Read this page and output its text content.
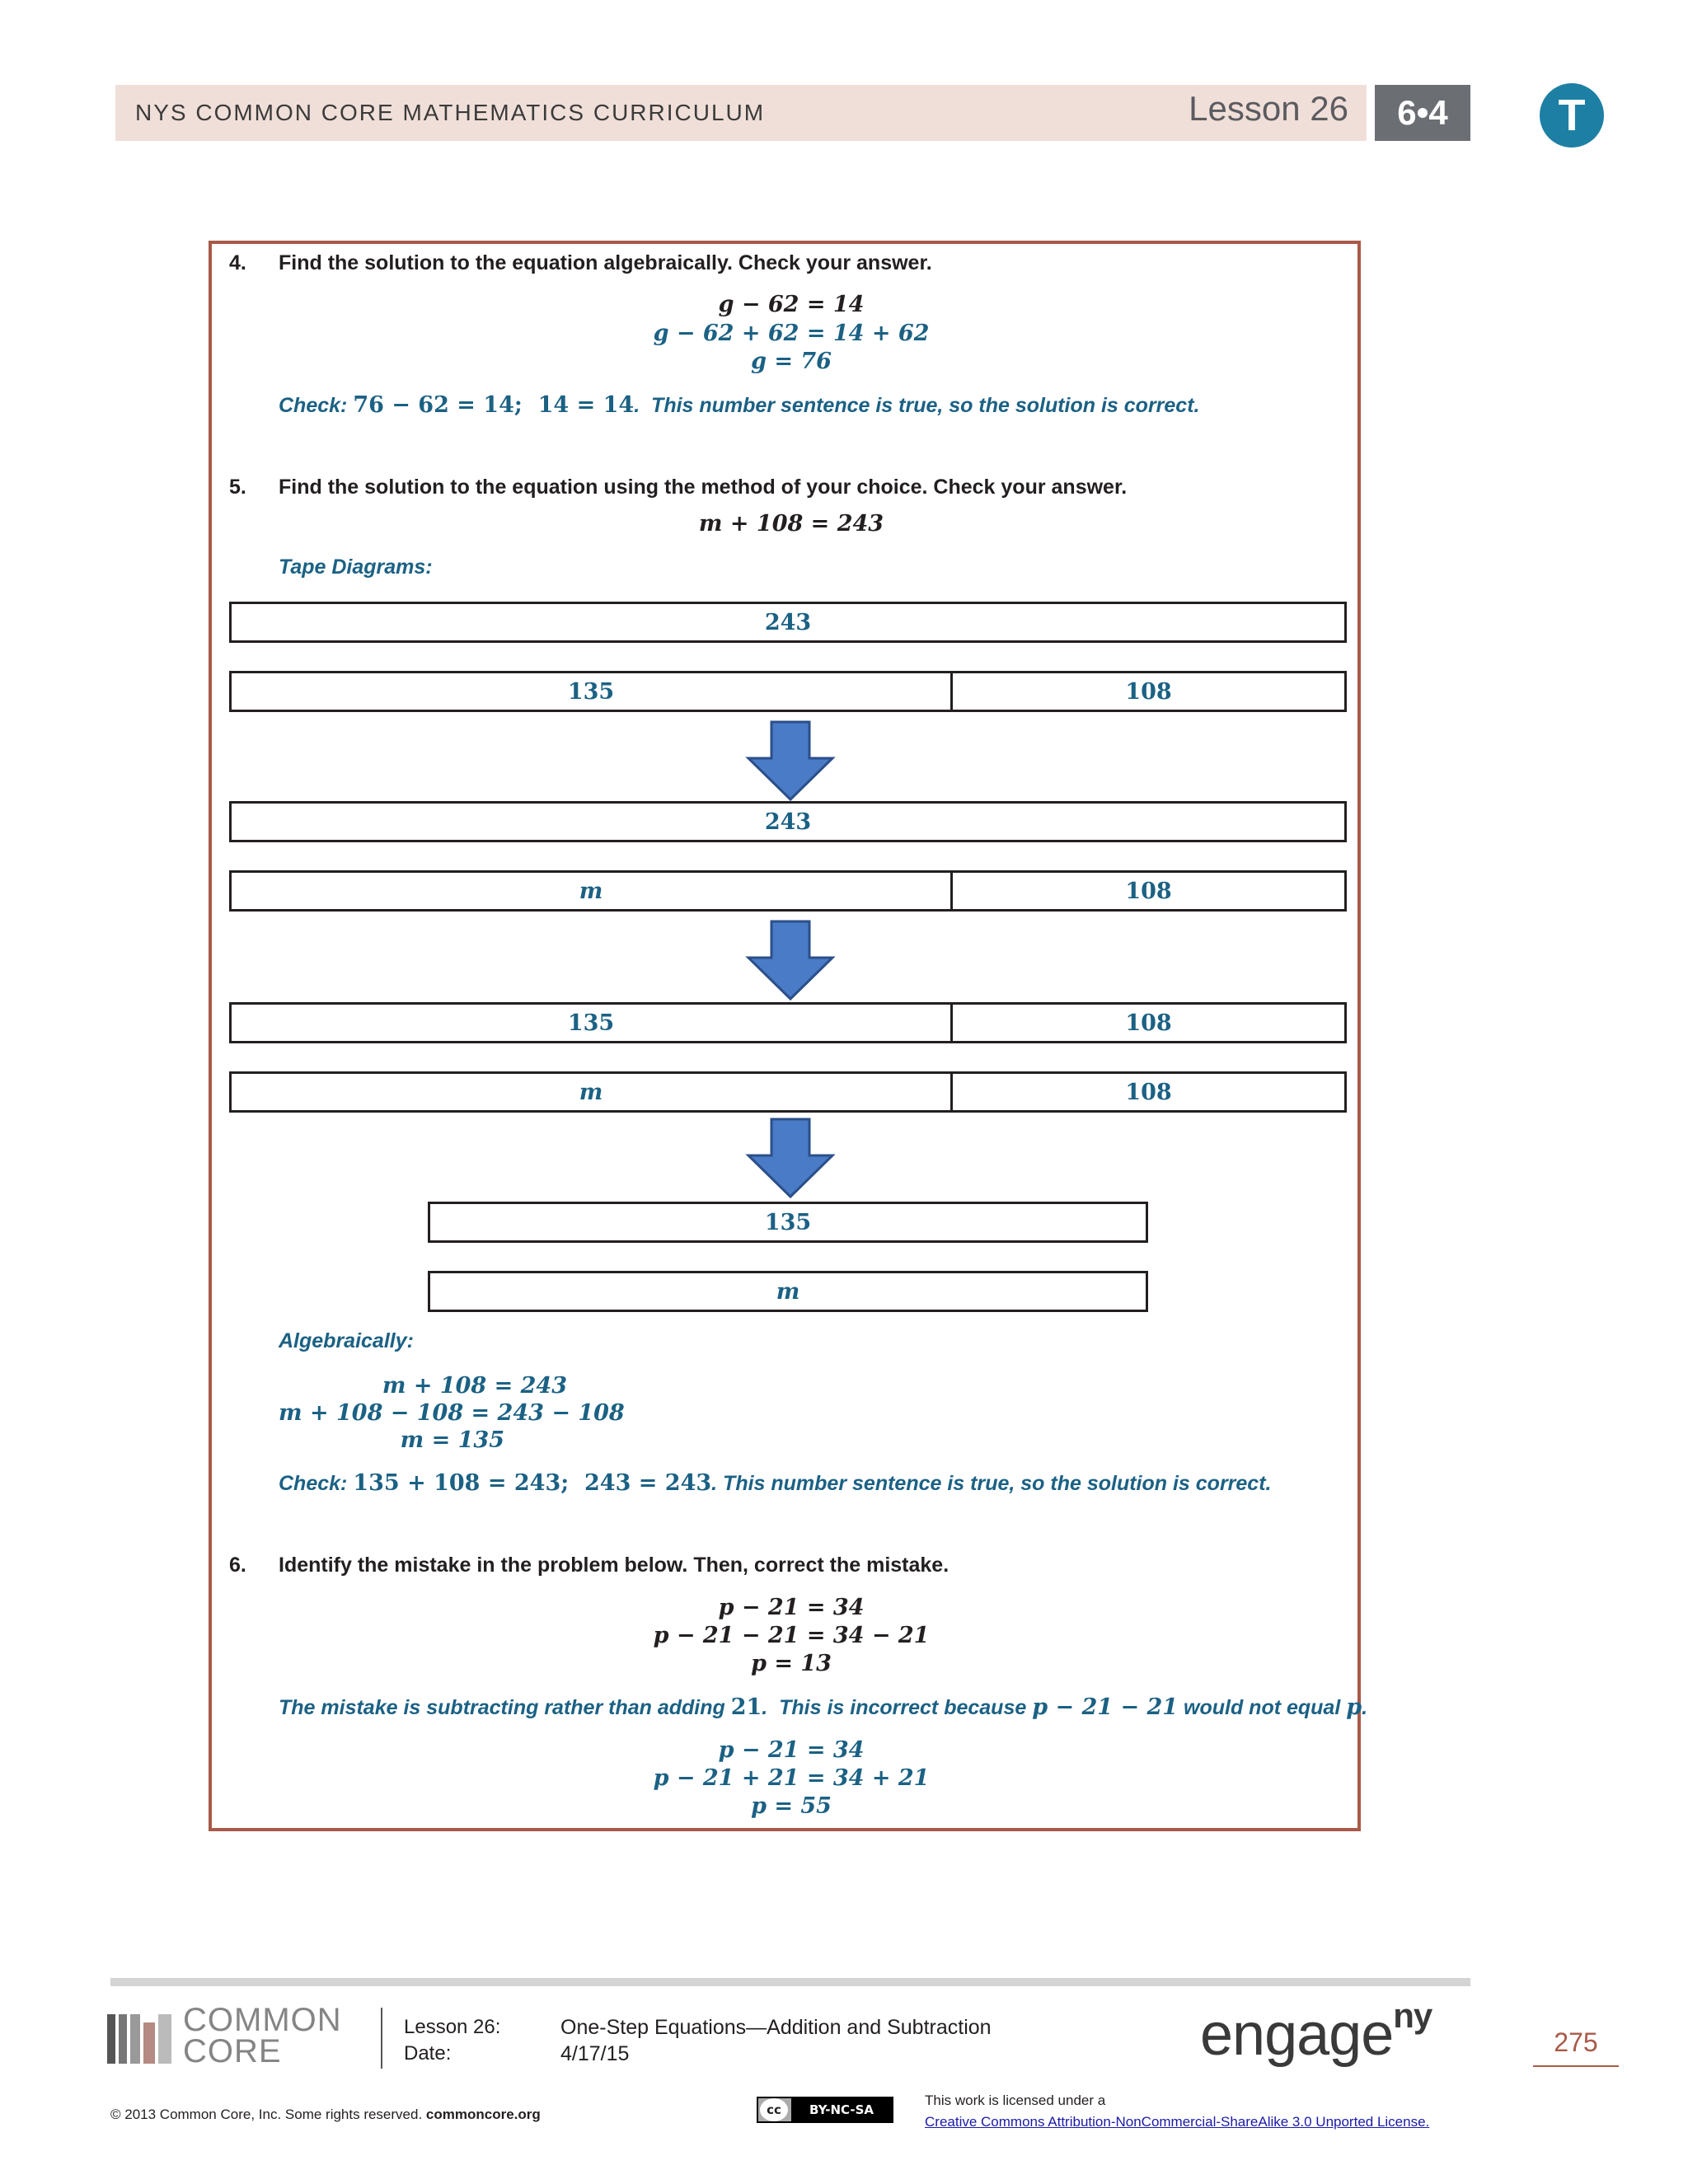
NYS COMMON CORE MATHEMATICS CURRICULUM	Lesson 26	6•4	T
4. Find the solution to the equation algebraically. Check your answer.
g − 62 = 14
g − 62 + 62 = 14 + 62
g = 76
Check: 76 − 62 = 14;  14 = 14.  This number sentence is true, so the solution is correct.
5. Find the solution to the equation using the method of your choice. Check your answer.
m + 108 = 243
Tape Diagrams:
243
135	108
243
m	108
135	108
m	108
135
m
Algebraically:
m + 108 = 243
m + 108 − 108 = 243 − 108
m = 135
Check: 135 + 108 = 243;  243 = 243. This number sentence is true, so the solution is correct.
6. Identify the mistake in the problem below. Then, correct the mistake.
p − 21 = 34
p − 21 − 21 = 34 − 21
p = 13
The mistake is subtracting rather than adding 21.  This is incorrect because p − 21 − 21 would not equal p.
p − 21 = 34
p − 21 + 21 = 34 + 21
p = 55
COMMON
CORE
Lesson 26:
Date:
One-Step Equations—Addition and Subtraction
4/17/15	engage$^{ny}$
275
© 2013 Common Core, Inc. Some rights reserved. commoncore.org	cc	BY-NC-SA
This work is licensed under a
Creative Commons Attribution-NonCommercial-ShareAlike 3.0 Unported License.
